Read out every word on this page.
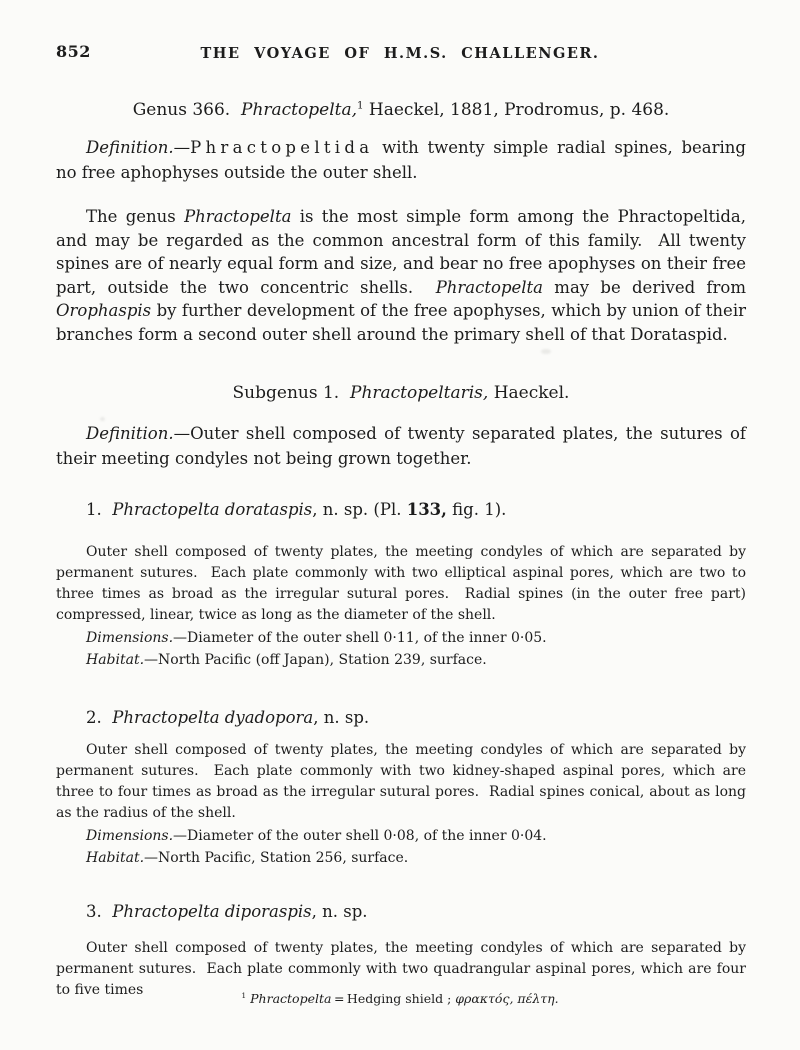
852	THE VOYAGE OF H.M.S. CHALLENGER.
Genus 366.  Phractopelta,$^1$ Haeckel, 1881, Prodromus, p. 468.
Definition.—Phractopeltida with twenty simple radial spines, bearing no free aphophyses outside the outer shell.
The genus Phractopelta is the most simple form among the Phractopeltida, and may be regarded as the common ancestral form of this family.  All twenty spines are of nearly equal form and size, and bear no free apophyses on their free part, outside the two concentric shells.  Phractopelta may be derived from Orophaspis by further development of the free apophyses, which by union of their branches form a second outer shell around the primary shell of that Dorataspid.
Subgenus 1.  Phractopeltaris, Haeckel.
Definition.—Outer shell composed of twenty separated plates, the sutures of their meeting condyles not being grown together.
1.  Phractopelta dorataspis, n. sp. (Pl. 133, fig. 1).
Outer shell composed of twenty plates, the meeting condyles of which are separated by permanent sutures.  Each plate commonly with two elliptical aspinal pores, which are two to three times as broad as the irregular sutural pores.  Radial spines (in the outer free part) compressed, linear, twice as long as the diameter of the shell.
Dimensions.—Diameter of the outer shell 0·11, of the inner 0·05.
Habitat.—North Pacific (off Japan), Station 239, surface.
2.  Phractopelta dyadopora, n. sp.
Outer shell composed of twenty plates, the meeting condyles of which are separated by permanent sutures.  Each plate commonly with two kidney-shaped aspinal pores, which are three to four times as broad as the irregular sutural pores.  Radial spines conical, about as long as the radius of the shell.
Dimensions.—Diameter of the outer shell 0·08, of the inner 0·04.
Habitat.—North Pacific, Station 256, surface.
3.  Phractopelta diporaspis, n. sp.
Outer shell composed of twenty plates, the meeting condyles of which are separated by permanent sutures.  Each plate commonly with two quadrangular aspinal pores, which are four to five times	$^1$ Phractopelta = Hedging shield ; φρακτός, πέλτη.
